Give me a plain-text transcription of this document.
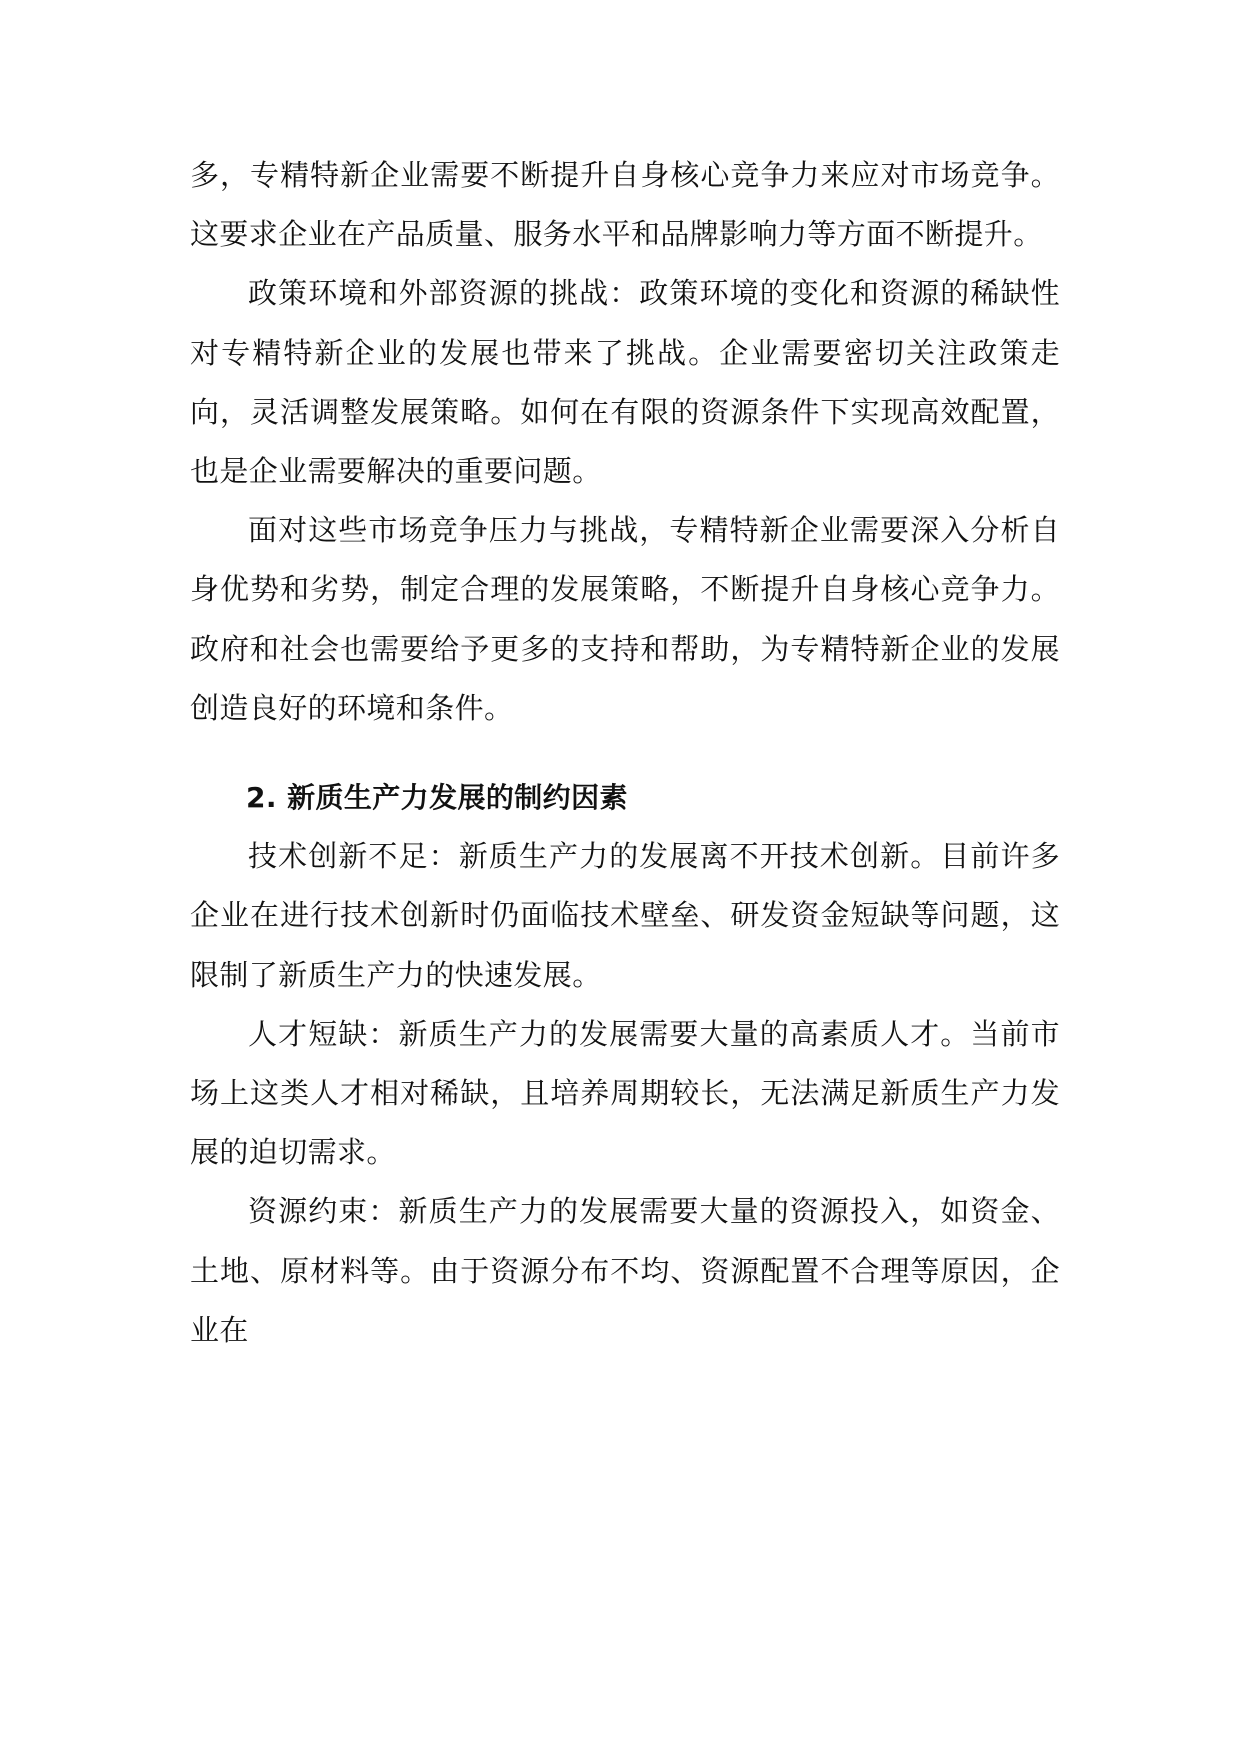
多，专精特新企业需要不断提升自身核心竞争力来应对市场竞争。这要求企业在产品质量、服务水平和品牌影响力等方面不断提升。

政策环境和外部资源的挑战：政策环境的变化和资源的稀缺性对专精特新企业的发展也带来了挑战。企业需要密切关注政策走向，灵活调整发展策略。如何在有限的资源条件下实现高效配置，也是企业需要解决的重要问题。

面对这些市场竞争压力与挑战，专精特新企业需要深入分析自身优势和劣势，制定合理的发展策略，不断提升自身核心竞争力。政府和社会也需要给予更多的支持和帮助，为专精特新企业的发展创造良好的环境和条件。

2. 新质生产力发展的制约因素

技术创新不足：新质生产力的发展离不开技术创新。目前许多企业在进行技术创新时仍面临技术壁垒、研发资金短缺等问题，这限制了新质生产力的快速发展。

人才短缺：新质生产力的发展需要大量的高素质人才。当前市场上这类人才相对稀缺，且培养周期较长，无法满足新质生产力发展的迫切需求。

资源约束：新质生产力的发展需要大量的资源投入，如资金、土地、原材料等。由于资源分布不均、资源配置不合理等原因，企业在
